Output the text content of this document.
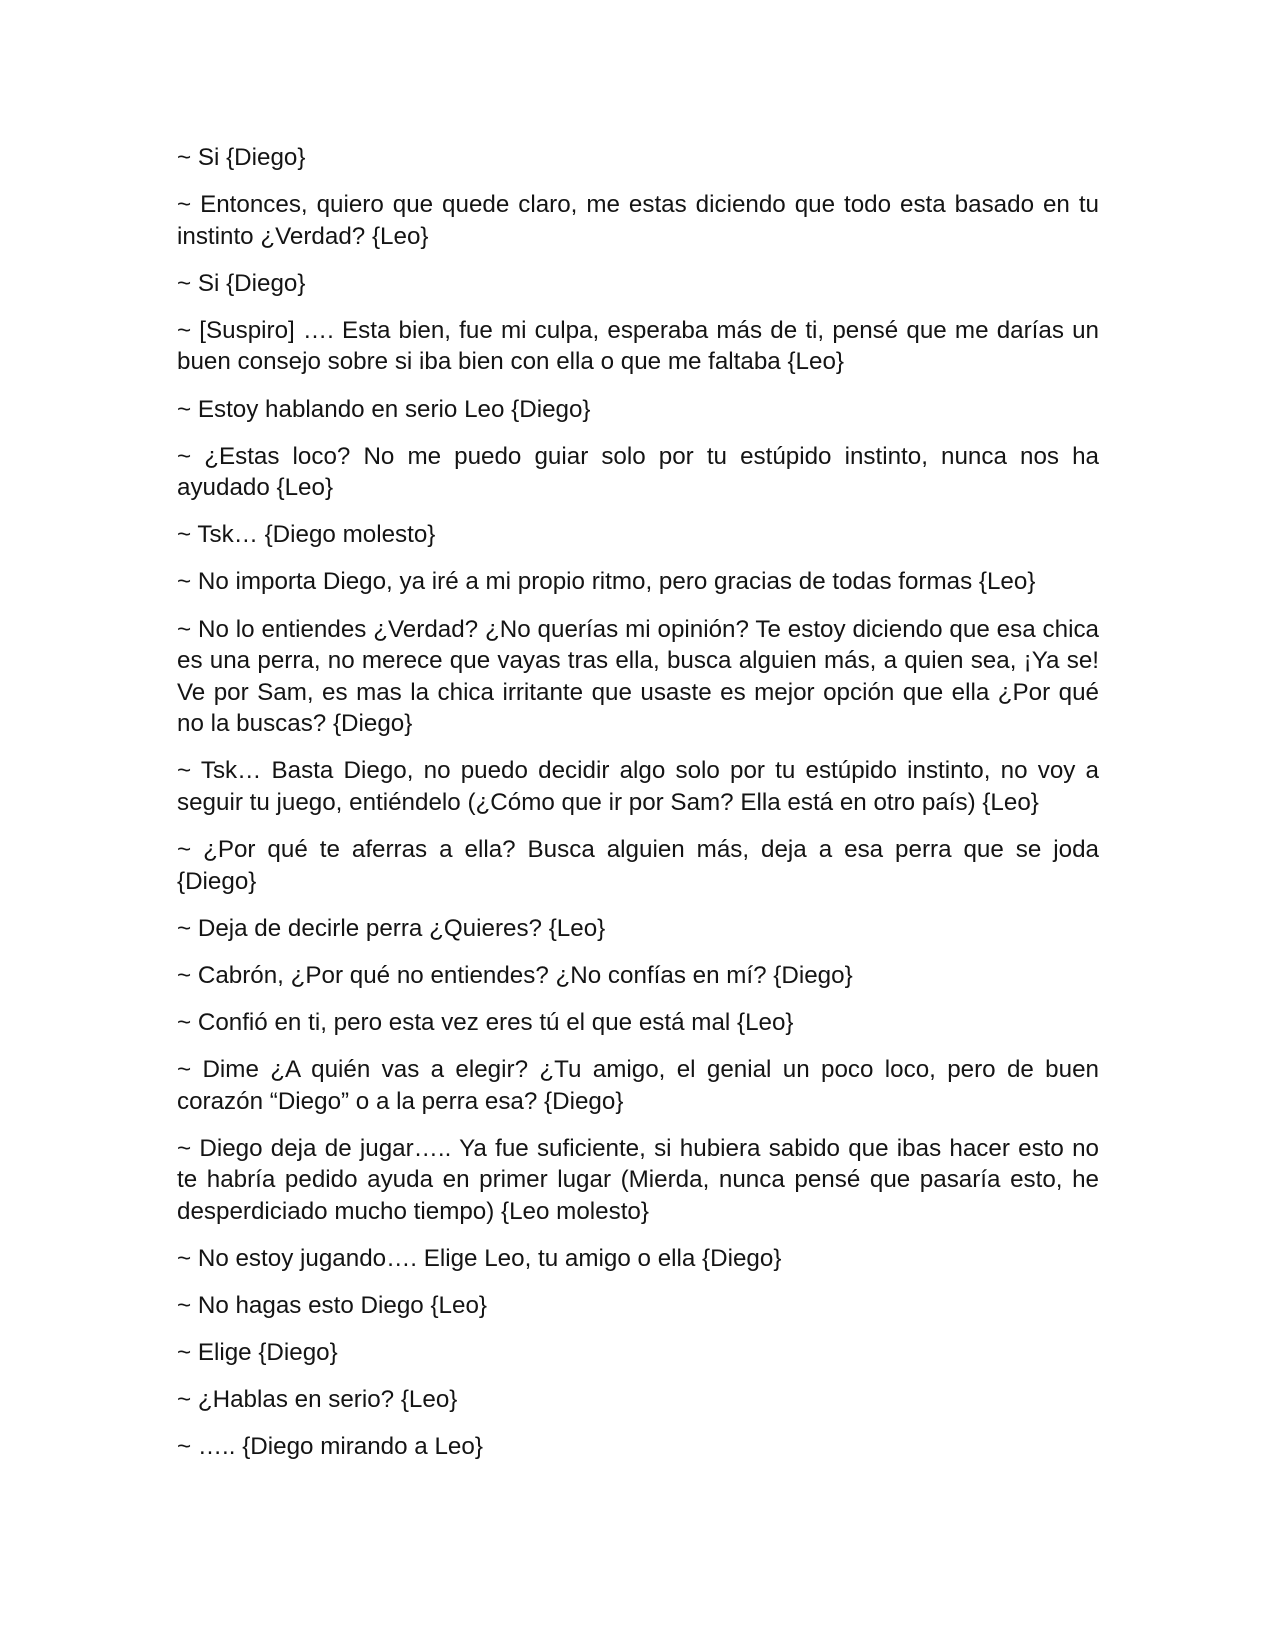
~ Si {Diego}

~ Entonces, quiero que quede claro, me estas diciendo que todo esta basado en tu instinto ¿Verdad? {Leo}

~ Si {Diego}

~ [Suspiro] …. Esta bien, fue mi culpa, esperaba más de ti, pensé que me darías un buen consejo sobre si iba bien con ella o que me faltaba {Leo}

~ Estoy hablando en serio Leo {Diego}

~ ¿Estas loco? No me puedo guiar solo por tu estúpido instinto, nunca nos ha ayudado {Leo}

~ Tsk… {Diego molesto}

~ No importa Diego, ya iré a mi propio ritmo, pero gracias de todas formas {Leo}

~ No lo entiendes ¿Verdad? ¿No querías mi opinión? Te estoy diciendo que esa chica es una perra, no merece que vayas tras ella, busca alguien más, a quien sea, ¡Ya se! Ve por Sam, es mas la chica irritante que usaste es mejor opción que ella ¿Por qué no la buscas? {Diego}

~ Tsk… Basta Diego, no puedo decidir algo solo por tu estúpido instinto, no voy a seguir tu juego, entiéndelo (¿Cómo que ir por Sam? Ella está en otro país) {Leo}

~ ¿Por qué te aferras a ella? Busca alguien más, deja a esa perra que se joda {Diego}

~ Deja de decirle perra ¿Quieres? {Leo}

~ Cabrón, ¿Por qué no entiendes? ¿No confías en mí? {Diego}

~ Confió en ti, pero esta vez eres tú el que está mal {Leo}

~ Dime ¿A quién vas a elegir? ¿Tu amigo, el genial un poco loco, pero de buen corazón “Diego” o a la perra esa? {Diego}

~ Diego deja de jugar….. Ya fue suficiente, si hubiera sabido que ibas hacer esto no te habría pedido ayuda en primer lugar (Mierda, nunca pensé que pasaría esto, he desperdiciado mucho tiempo) {Leo molesto}

~ No estoy jugando…. Elige Leo, tu amigo o ella {Diego}

~ No hagas esto Diego {Leo}

~ Elige {Diego}

~ ¿Hablas en serio? {Leo}

~ ….. {Diego mirando a Leo}
